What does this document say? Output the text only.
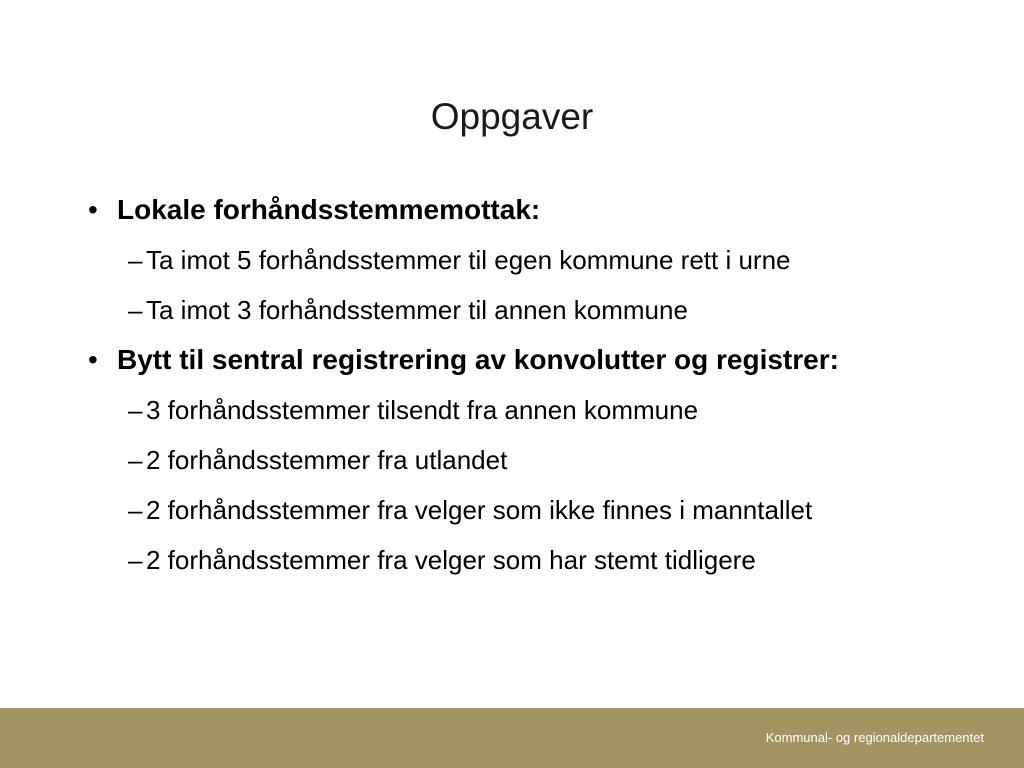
Oppgaver
• Lokale forhåndsstemmemottak:
– Ta imot 5 forhåndsstemmer til egen kommune rett i urne
– Ta imot 3 forhåndsstemmer til annen kommune
• Bytt til sentral registrering av konvolutter og registrer:
– 3 forhåndsstemmer tilsendt fra annen kommune
– 2 forhåndsstemmer fra utlandet
– 2 forhåndsstemmer fra velger som ikke finnes i manntallet
– 2 forhåndsstemmer fra velger som har stemt tidligere
Kommunal- og regionaldepartementet
